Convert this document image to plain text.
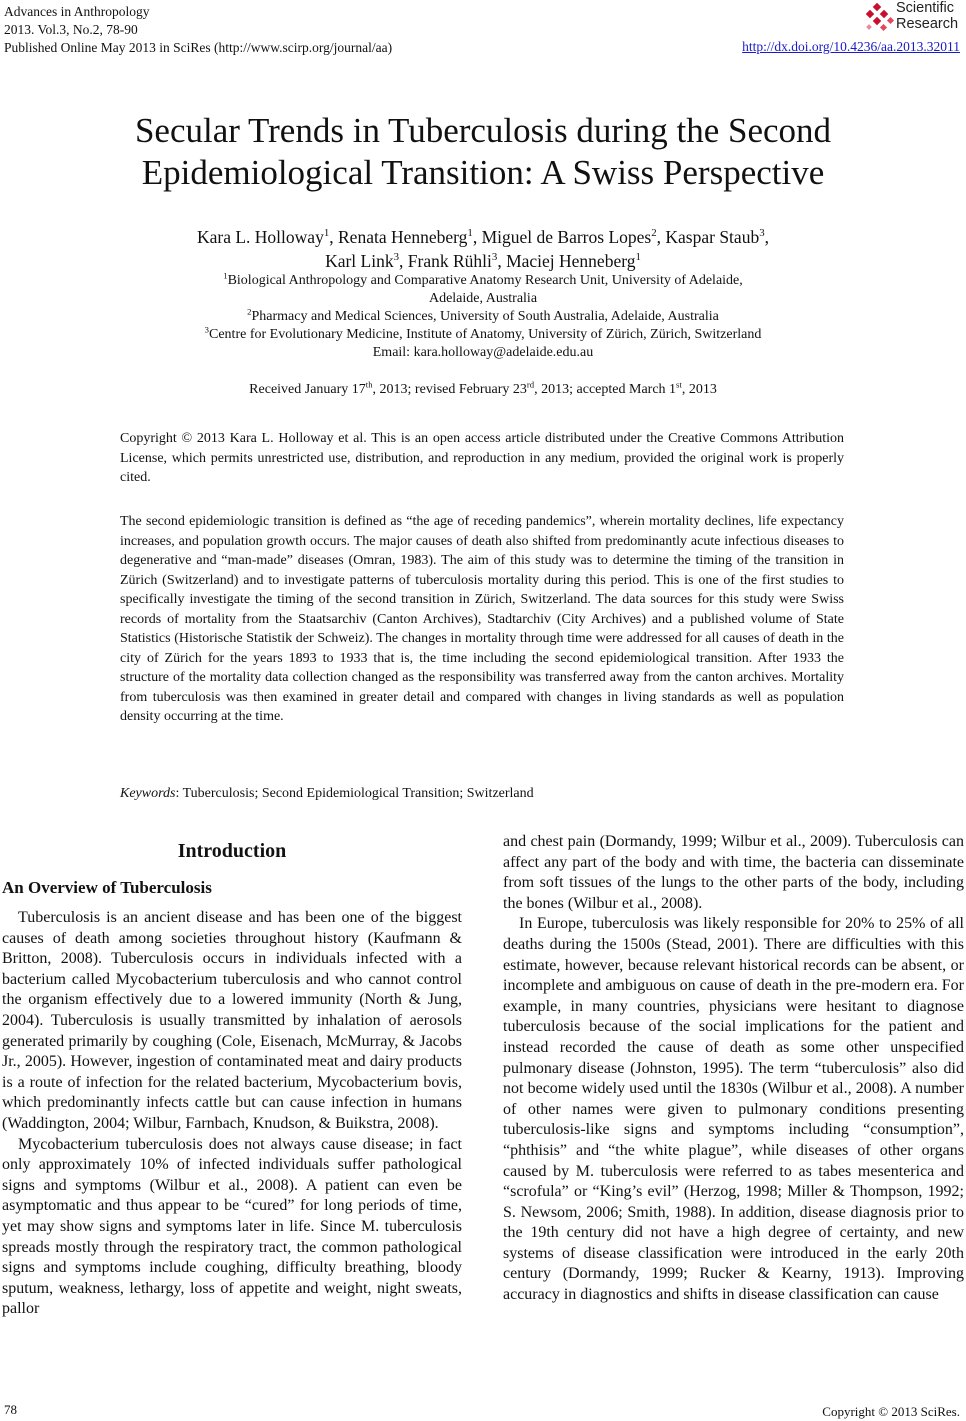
Advances in Anthropology
2013. Vol.3, No.2, 78-90
Published Online May 2013 in SciRes (http://www.scirp.org/journal/aa)	http://dx.doi.org/10.4236/aa.2013.32011
Scientific
Research
Secular Trends in Tuberculosis during the Second
Epidemiological Transition: A Swiss Perspective
Kara L. Holloway$^1$, Renata Henneberg$^1$, Miguel de Barros Lopes$^2$, Kaspar Staub$^3$,
Karl Link$^3$, Frank Rühli$^3$, Maciej Henneberg$^1$
$^1$Biological Anthropology and Comparative Anatomy Research Unit, University of Adelaide,
Adelaide, Australia
$^2$Pharmacy and Medical Sciences, University of South Australia, Adelaide, Australia
$^3$Centre for Evolutionary Medicine, Institute of Anatomy, University of Zürich, Zürich, Switzerland
Email: kara.holloway@adelaide.edu.au
Received January 17th, 2013; revised February 23rd, 2013; accepted March 1st, 2013

Copyright © 2013 Kara L. Holloway et al. This is an open access article distributed under the Creative Commons Attribution License, which permits unrestricted use, distribution, and reproduction in any medium, provided the original work is properly cited.

The second epidemiologic transition is defined as “the age of receding pandemics”, wherein mortality declines, life expectancy increases, and population growth occurs. The major causes of death also shifted from predominantly acute infectious diseases to degenerative and “man-made” diseases (Omran, 1983). The aim of this study was to determine the timing of the transition in Zürich (Switzerland) and to investigate patterns of tuberculosis mortality during this period. This is one of the first studies to specifically investigate the timing of the second transition in Zürich, Switzerland. The data sources for this study were Swiss records of mortality from the Staatsarchiv (Canton Archives), Stadtarchiv (City Archives) and a published volume of State Statistics (Historische Statistik der Schweiz). The changes in mortality through time were addressed for all causes of death in the city of Zürich for the years 1893 to 1933 that is, the time including the second epidemiological transition. After 1933 the structure of the mortality data collection changed as the responsibility was transferred away from the canton archives. Mortality from tuberculosis was then examined in greater detail and compared with changes in living standards as well as population density occurring at the time.

Keywords: Tuberculosis; Second Epidemiological Transition; Switzerland
Introduction
An Overview of Tuberculosis

Tuberculosis is an ancient disease and has been one of the biggest causes of death among societies throughout history (Kaufmann & Britton, 2008). Tuberculosis occurs in individuals infected with a bacterium called Mycobacterium tuberculosis and who cannot control the organism effectively due to a lowered immunity (North & Jung, 2004). Tuberculosis is usually transmitted by inhalation of aerosols generated primarily by coughing (Cole, Eisenach, McMurray, & Jacobs Jr., 2005). However, ingestion of contaminated meat and dairy products is a route of infection for the related bacterium, Mycobacterium bovis, which predominantly infects cattle but can cause infection in humans (Waddington, 2004; Wilbur, Farnbach, Knudson, & Buikstra, 2008).

Mycobacterium tuberculosis does not always cause disease; in fact only approximately 10% of infected individuals suffer pathological signs and symptoms (Wilbur et al., 2008). A patient can even be asymptomatic and thus appear to be “cured” for long periods of time, yet may show signs and symptoms later in life. Since M. tuberculosis spreads mostly through the respiratory tract, the common pathological signs and symptoms include coughing, difficulty breathing, bloody sputum, weakness, lethargy, loss of appetite and weight, night sweats, pallor

and chest pain (Dormandy, 1999; Wilbur et al., 2009). Tuberculosis can affect any part of the body and with time, the bacteria can disseminate from soft tissues of the lungs to the other parts of the body, including the bones (Wilbur et al., 2008).

In Europe, tuberculosis was likely responsible for 20% to 25% of all deaths during the 1500s (Stead, 2001). There are difficulties with this estimate, however, because relevant historical records can be absent, or incomplete and ambiguous on cause of death in the pre-modern era. For example, in many countries, physicians were hesitant to diagnose tuberculosis because of the social implications for the patient and instead recorded the cause of death as some other unspecified pulmonary disease (Johnston, 1995). The term “tuberculosis” also did not become widely used until the 1830s (Wilbur et al., 2008). A number of other names were given to pulmonary conditions presenting tuberculosis-like signs and symptoms including “consumption”, “phthisis” and “the white plague”, while diseases of other organs caused by M. tuberculosis were referred to as tabes mesenterica and “scrofula” or “King’s evil” (Herzog, 1998; Miller & Thompson, 1992; S. Newsom, 2006; Smith, 1988). In addition, disease diagnosis prior to the 19th century did not have a high degree of certainty, and new systems of disease classification were introduced in the early 20th century (Dormandy, 1999; Rucker & Kearny, 1913). Improving accuracy in diagnostics and shifts in disease classification can cause

78	Copyright © 2013 SciRes.
